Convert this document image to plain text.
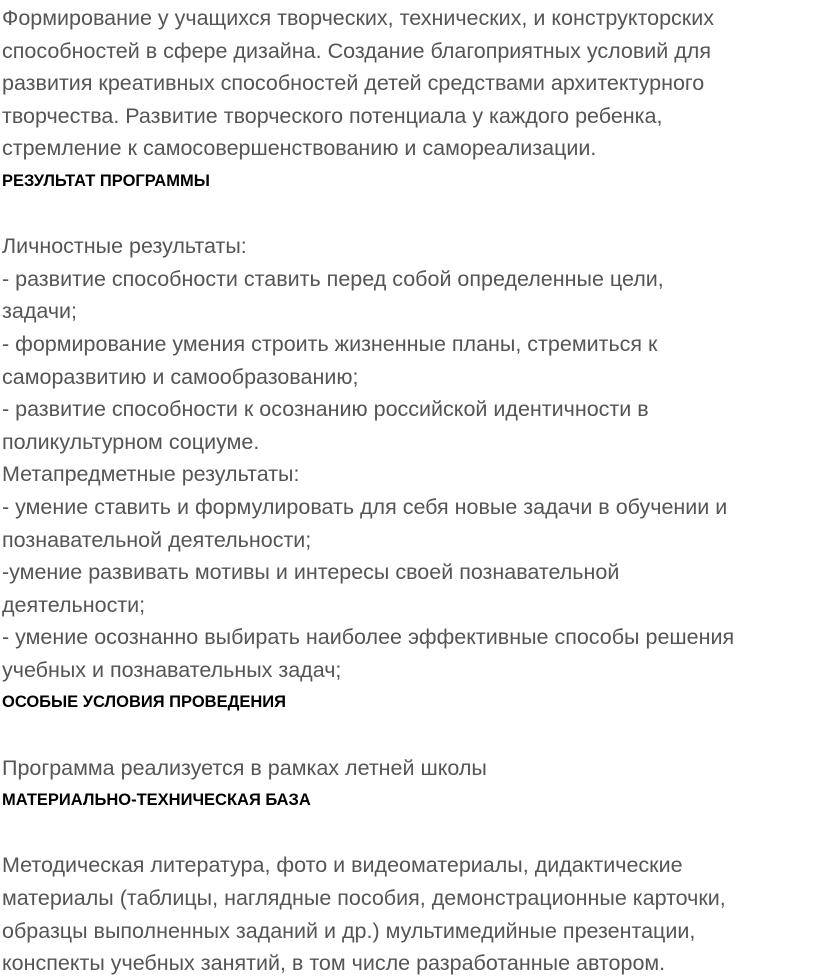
Формирование у учащихся творческих, технических, и конструкторских
способностей в сфере дизайна. Создание благоприятных условий для
развития креативных способностей детей средствами архитектурного
творчества. Развитие творческого потенциала у каждого ребенка,
стремление к самосовершенствованию и самореализации.
РЕЗУЛЬТАТ ПРОГРАММЫ
Личностные результаты:
- развитие способности ставить перед собой определенные цели,
задачи;
- формирование умения строить жизненные планы, стремиться к
саморазвитию и самообразованию;
- развитие способности к осознанию российской идентичности в
поликультурном социуме.
Метапредметные результаты:
- умение ставить и формулировать для себя новые задачи в обучении и
познавательной деятельности;
-умение развивать мотивы и интересы своей познавательной
деятельности;
- умение осознанно выбирать наиболее эффективные способы решения
учебных и познавательных задач;
ОСОБЫЕ УСЛОВИЯ ПРОВЕДЕНИЯ
Программа реализуется в рамках летней школы
МАТЕРИАЛЬНО-ТЕХНИЧЕСКАЯ БАЗА
Методическая литература, фото и видеоматериалы, дидактические
материалы (таблицы, наглядные пособия, демонстрационные карточки,
образцы выполненных заданий и др.) мультимедийные презентации,
конспекты учебных занятий, в том числе разработанные автором.
